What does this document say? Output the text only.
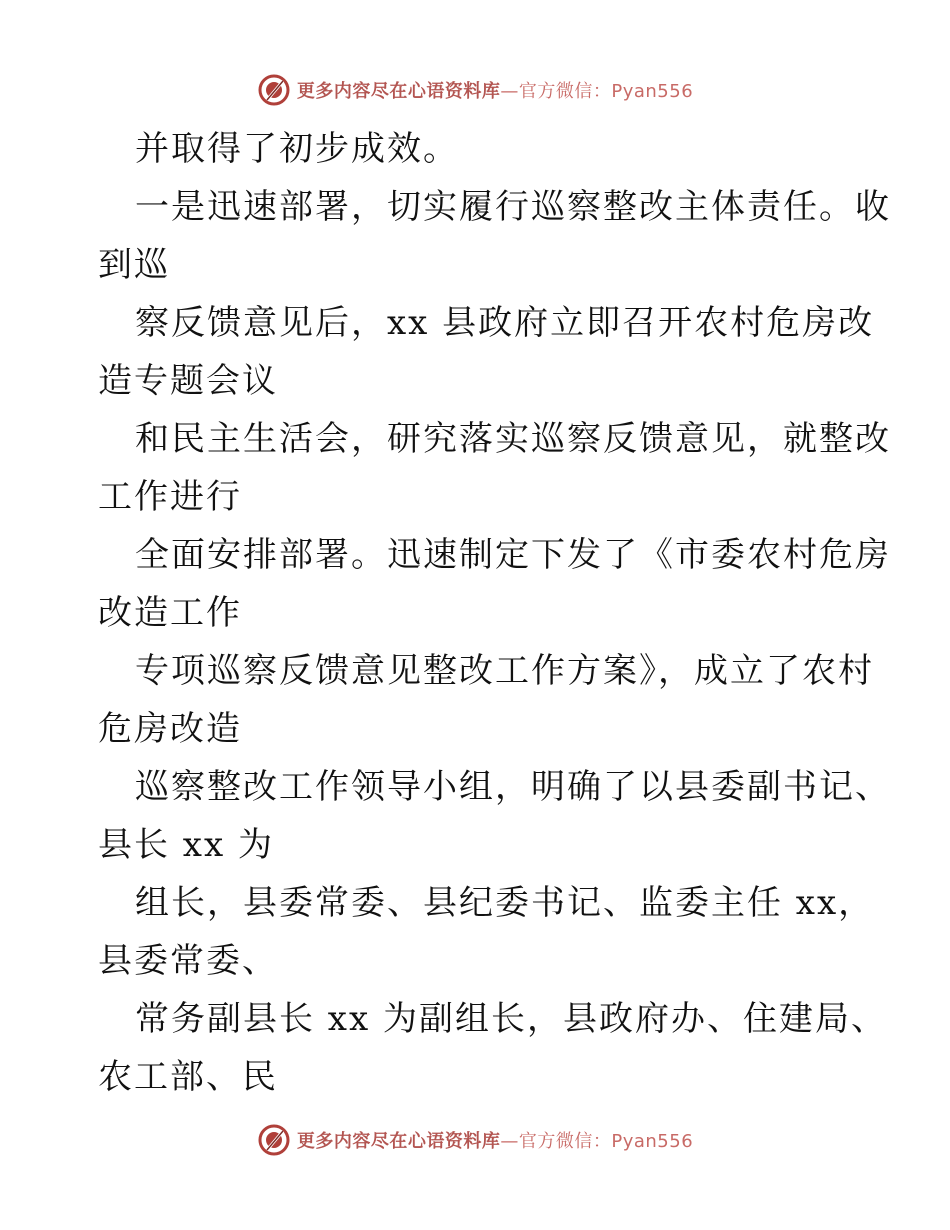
更多内容尽在心语资料库—官方微信：Pyan556
并取得了初步成效。
一是迅速部署，切实履行巡察整改主体责任。收
到巡
察反馈意见后，xx 县政府立即召开农村危房改
造专题会议
和民主生活会，研究落实巡察反馈意见，就整改
工作进行
全面安排部署。迅速制定下发了《市委农村危房
改造工作
专项巡察反馈意见整改工作方案》，成立了农村
危房改造
巡察整改工作领导小组，明确了以县委副书记、
县长 xx 为
组长，县委常委、县纪委书记、监委主任 xx，
县委常委、
常务副县长 xx 为副组长，县政府办、住建局、
农工部、民
更多内容尽在心语资料库—官方微信：Pyan556
